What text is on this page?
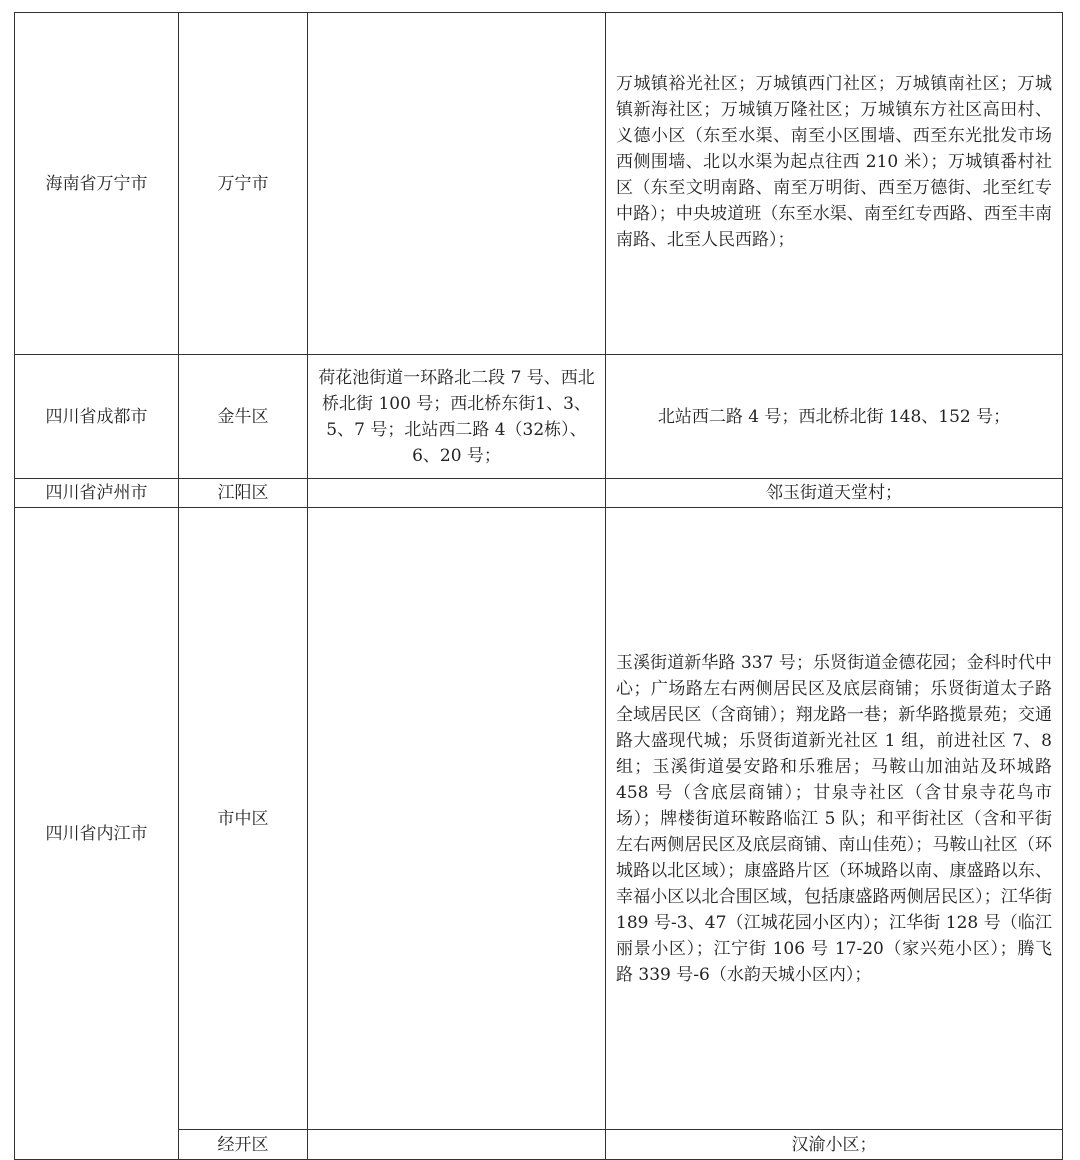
海南省万宁市	万宁市		万城镇裕光社区；万城镇西门社区；万城镇南社区；万城镇新海社区；万城镇万隆社区；万城镇东方社区高田村、义德小区（东至水渠、南至小区围墙、西至东光批发市场西侧围墙、北以水渠为起点往西 210 米）；万城镇番村社区（东至文明南路、南至万明街、西至万德街、北至红专中路）；中央坡道班（东至水渠、南至红专西路、西至丰南南路、北至人民西路）；
四川省成都市	金牛区	荷花池街道一环路北二段 7 号、西北桥北街 100 号；西北桥东街1、3、5、7 号；北站西二路 4（32栋）、6、20 号；	北站西二路 4 号；西北桥北街 148、152 号；
四川省泸州市	江阳区		邻玉街道天堂村；
四川省内江市	市中区		玉溪街道新华路 337 号；乐贤街道金德花园；金科时代中心；广场路左右两侧居民区及底层商铺；乐贤街道太子路全域居民区（含商铺）；翔龙路一巷；新华路揽景苑；交通路大盛现代城；乐贤街道新光社区 1 组，前进社区 7、8 组；玉溪街道晏安路和乐雅居；马鞍山加油站及环城路 458 号（含底层商铺）；甘泉寺社区（含甘泉寺花鸟市场）；牌楼街道环鞍路临江 5 队；和平街社区（含和平街左右两侧居民区及底层商铺、南山佳苑）；马鞍山社区（环城路以北区域）；康盛路片区（环城路以南、康盛路以东、幸福小区以北合围区域，包括康盛路两侧居民区）；江华街 189 号-3、47（江城花园小区内）；江华街 128 号（临江丽景小区）；江宁街 106 号 17-20（家兴苑小区）；腾飞路 339 号-6（水韵天城小区内）；
	经开区		汉渝小区；
